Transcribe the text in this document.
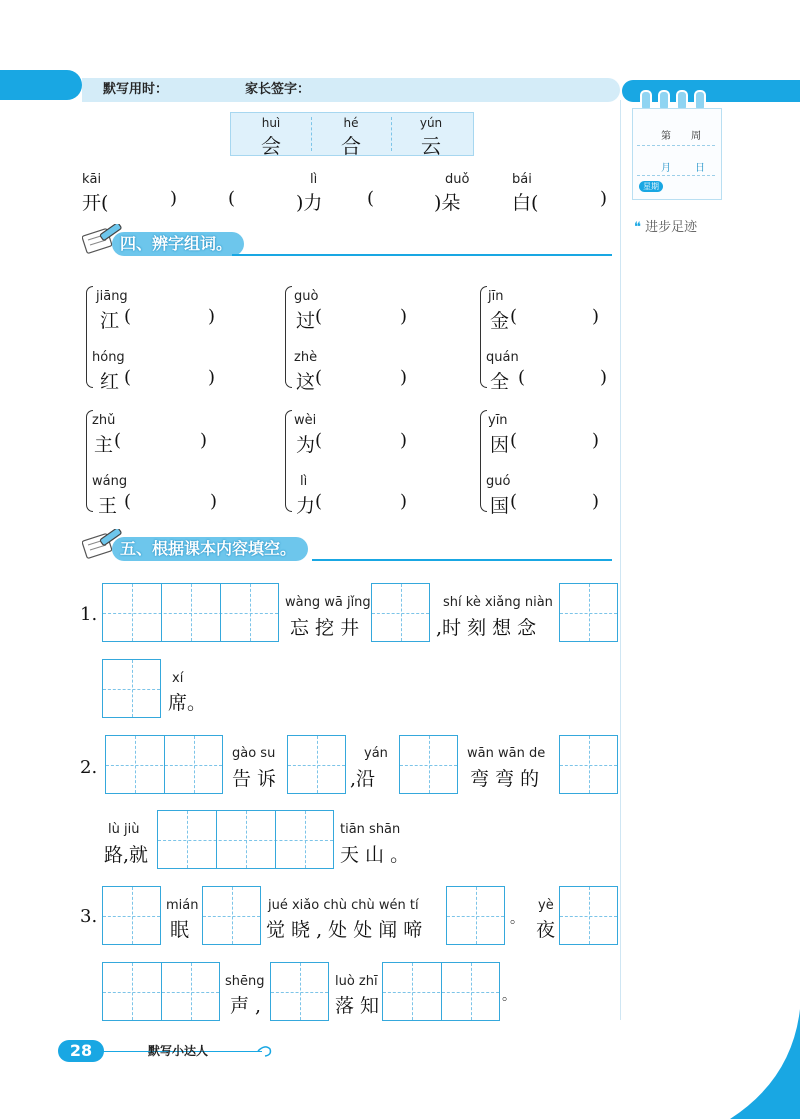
默写用时：	家长签字：
第 周
月 日
星期
❝ 进步足迹
huì
会
hé
合
yún
云
kāi
开(	)	(
lì
)力 (
duǒ
)朵
bái
白(	)
四、辨字组词。
jiāng
江 (	)
hóng
红 (	)
guò
过 (	)
zhè
这 (	)
jīn
金 (	)
quán
全 (	)
zhǔ
主 (	)
wáng
王 (	)
wèi
为 (	)
lì
力 (	)
yīn
因 (	)
guó
国 (	)
五、根据课本内容填空。
1.
wàng wā jǐng
忘 挖 井
shí kè xiǎng niàn
,时 刻 想 念
xí
席。
2.
gào su
告 诉
yán
,沿
wān wān de
弯 弯 的
lù jiù
路,就
tiān shān
天 山 。
3.
mián
眠
jué xiǎo chù chù wén tí
觉 晓 , 处 处 闻 啼	。
yè
夜
shēng
声 ,
luò zhī
落 知	。
28	默写小达人
